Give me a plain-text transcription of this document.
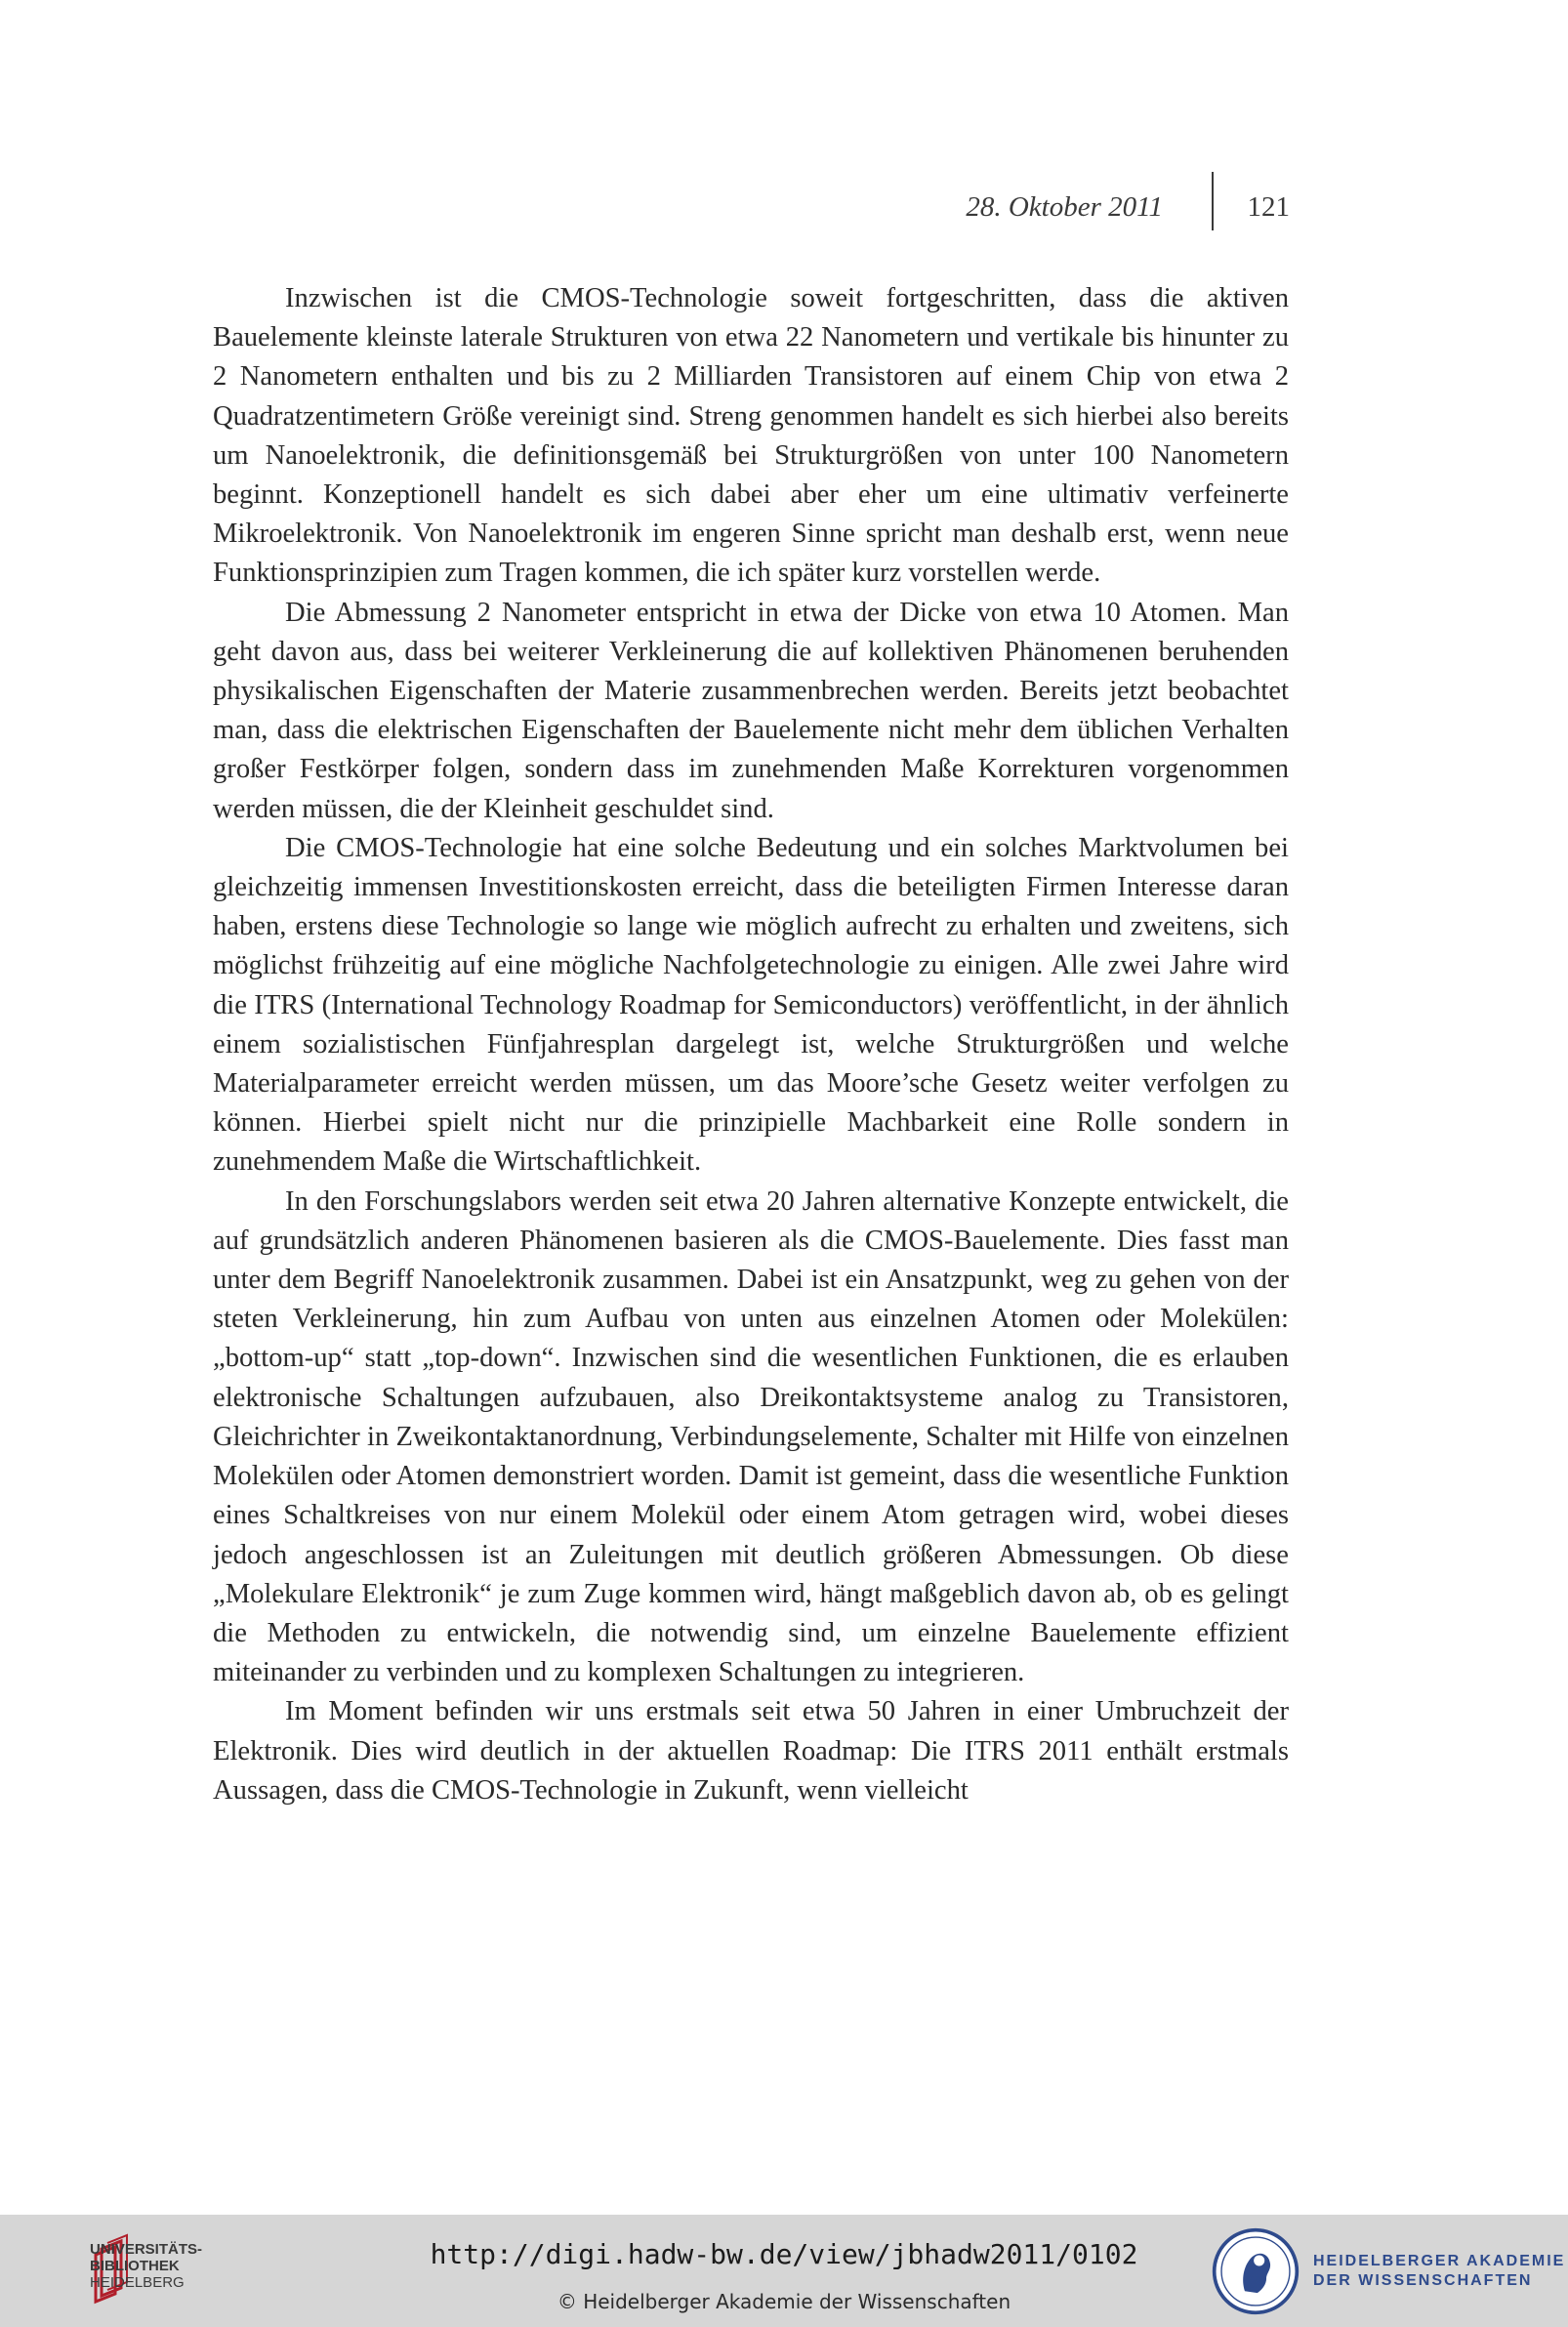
28. Oktober 2011	121

Inzwischen ist die CMOS-Technologie soweit fortgeschritten, dass die aktiven Bauelemente kleinste laterale Strukturen von etwa 22 Nanometern und vertikale bis hinunter zu 2 Nanometern enthalten und bis zu 2 Milliarden Transistoren auf einem Chip von etwa 2 Quadratzentimetern Größe vereinigt sind. Streng genommen handelt es sich hierbei also bereits um Nanoelektronik, die definitionsgemäß bei Strukturgrößen von unter 100 Nanometern beginnt. Konzeptionell handelt es sich dabei aber eher um eine ultimativ verfeinerte Mikroelektronik. Von Nanoelektronik im engeren Sinne spricht man deshalb erst, wenn neue Funktionsprinzipien zum Tragen kommen, die ich später kurz vorstellen werde.

Die Abmessung 2 Nanometer entspricht in etwa der Dicke von etwa 10 Atomen. Man geht davon aus, dass bei weiterer Verkleinerung die auf kollektiven Phänomenen beruhenden physikalischen Eigenschaften der Materie zusammenbrechen werden. Bereits jetzt beobachtet man, dass die elektrischen Eigenschaften der Bauelemente nicht mehr dem üblichen Verhalten großer Festkörper folgen, sondern dass im zunehmenden Maße Korrekturen vorgenommen werden müssen, die der Kleinheit geschuldet sind.

Die CMOS-Technologie hat eine solche Bedeutung und ein solches Marktvolumen bei gleichzeitig immensen Investitionskosten erreicht, dass die beteiligten Firmen Interesse daran haben, erstens diese Technologie so lange wie möglich aufrecht zu erhalten und zweitens, sich möglichst frühzeitig auf eine mögliche Nachfolgetechnologie zu einigen. Alle zwei Jahre wird die ITRS (International Technology Roadmap for Semiconductors) veröffentlicht, in der ähnlich einem sozialistischen Fünfjahresplan dargelegt ist, welche Strukturgrößen und welche Materialparameter erreicht werden müssen, um das Moore’sche Gesetz weiter verfolgen zu können. Hierbei spielt nicht nur die prinzipielle Machbarkeit eine Rolle sondern in zunehmendem Maße die Wirtschaftlichkeit.

In den Forschungslabors werden seit etwa 20 Jahren alternative Konzepte entwickelt, die auf grundsätzlich anderen Phänomenen basieren als die CMOS-Bauelemente. Dies fasst man unter dem Begriff Nanoelektronik zusammen. Dabei ist ein Ansatzpunkt, weg zu gehen von der steten Verkleinerung, hin zum Aufbau von unten aus einzelnen Atomen oder Molekülen: „bottom-up“ statt „top-down“. Inzwischen sind die wesentlichen Funktionen, die es erlauben elektronische Schaltungen aufzubauen, also Dreikontaktsysteme analog zu Transistoren, Gleichrichter in Zweikontaktanordnung, Verbindungselemente, Schalter mit Hilfe von einzelnen Molekülen oder Atomen demonstriert worden. Damit ist gemeint, dass die wesentliche Funktion eines Schaltkreises von nur einem Molekül oder einem Atom getragen wird, wobei dieses jedoch angeschlossen ist an Zuleitungen mit deutlich größeren Abmessungen. Ob diese „Molekulare Elektronik“ je zum Zuge kommen wird, hängt maßgeblich davon ab, ob es gelingt die Methoden zu entwickeln, die notwendig sind, um einzelne Bauelemente effizient miteinander zu verbinden und zu komplexen Schaltungen zu integrieren.

Im Moment befinden wir uns erstmals seit etwa 50 Jahren in einer Umbruchzeit der Elektronik. Dies wird deutlich in der aktuellen Roadmap: Die ITRS 2011 enthält erstmals Aussagen, dass die CMOS-Technologie in Zukunft, wenn vielleicht

UNIVERSITÄTS-
BIBLIOTHEK
HEIDELBERG
http://digi.hadw-bw.de/view/jbhadw2011/0102
© Heidelberger Akademie der Wissenschaften
HEIDELBERGER AKADEMIE
DER WISSENSCHAFTEN
